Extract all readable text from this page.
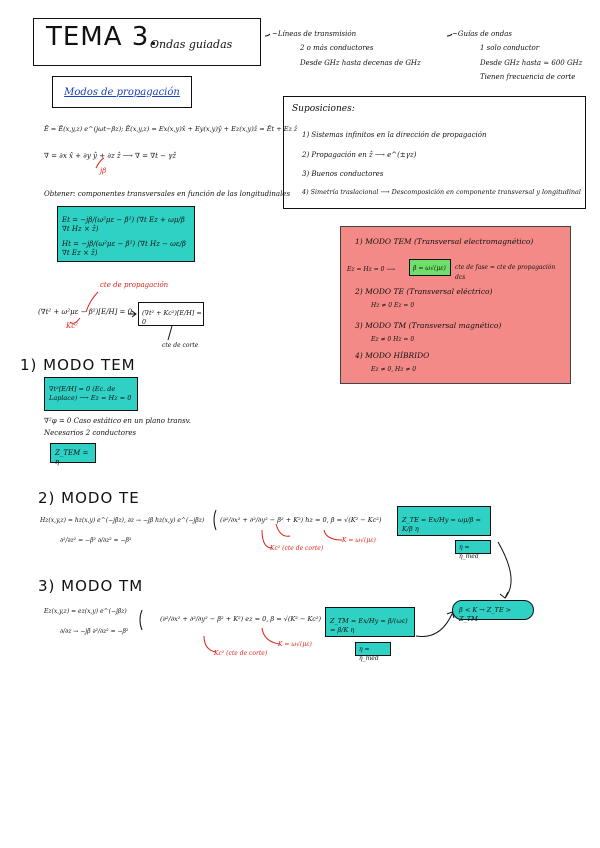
TEMA 3.
Ondas guiadas
~Líneas de transmisión
2 o más conductores
Desde GHz hasta decenas de GHz
~Guías de ondas
1 solo conductor
Desde GHz hasta ≈ 600 GHz
Tienen frecuencia de corte
Modos de propagación
Suposiciones:
1) Sistemas infinitos en la dirección de propagación
2) Propagación en ẑ ⟶ e^(±γz)
3) Buenos conductores
4) Simetría traslacional ⟶ Descomposición en componente transversal y longitudinal
Ē = Ē(x,y,z) e^(jωt−βz); Ē(x,y,z) = Ex(x,y)x̂ + Ey(x,y)ŷ + Ez(x,y)ẑ = Ēt + Ez ẑ
∇ = ∂x x̂ + ∂y ŷ + ∂z ẑ ⟶ ∇ = ∇t − γẑ
jβ
Obtener: componentes transversales en función de las longitudinales
Et = −jβ/(ω²με − β²) (∇t Ez + ωμ/β ∇t Hz × ẑ)
Ht = −jβ/(ω²με − β²) (∇t Hz − ωε/β ∇t Ez × ẑ)
cte de propagación
(∇t² + ω²με − β²)[E/H] = 0
Kc²
(∇t² + Kc²)[E/H] = 0
cte de corte
1) MODO TEM
∇t²[E/H] = 0 (Ec. de Laplace) ⟶ Ez = Hz = 0
∇²φ = 0 Caso estático en un plano transv.
Necesarios 2 conductores
Z_TEM = η
1) MODO TEM (Transversal electromagnético)
Ez = Hz = 0 ⟶	β = ω√(με) cte de fase = cte de propagación
dcs
2) MODO TE (Transversal eléctrico)
Hz ≠ 0 Ez = 0
3) MODO TM (Transversal magnético)
Ez ≠ 0 Hz = 0
4) MODO HÍBRIDO
Ez ≠ 0, Hz ≠ 0
2) MODO TE
Hz(x,y,z) = hz(x,y) e^(−jβz), ∂z → −jβ hz(x,y) e^(−jβz)
∂²/∂z² = −β² ∂/∂z² = −β²
(∂²/∂x² + ∂²/∂y² − β² + K²) hz = 0, β = √(K² − Kc²)
Kc² (cte de corte)
K = ω√(με)
Z_TE = Ex/Hy = ωμ/β = K/β η
η = η_med
3) MODO TM
Ez(x,y,z) = ez(x,y) e^(−jβz)
∂/∂z → −jβ ∂²/∂z² = −β²
(∂²/∂x² + ∂²/∂y² − β² + K²) ez = 0, β = √(K² − Kc²)
Kc² (cte de corte)
K = ω√(με)
Z_TM = Ex/Hy = β/(ωε) = β/K η
η = η_med
β < K → Z_TE > Z_TM
